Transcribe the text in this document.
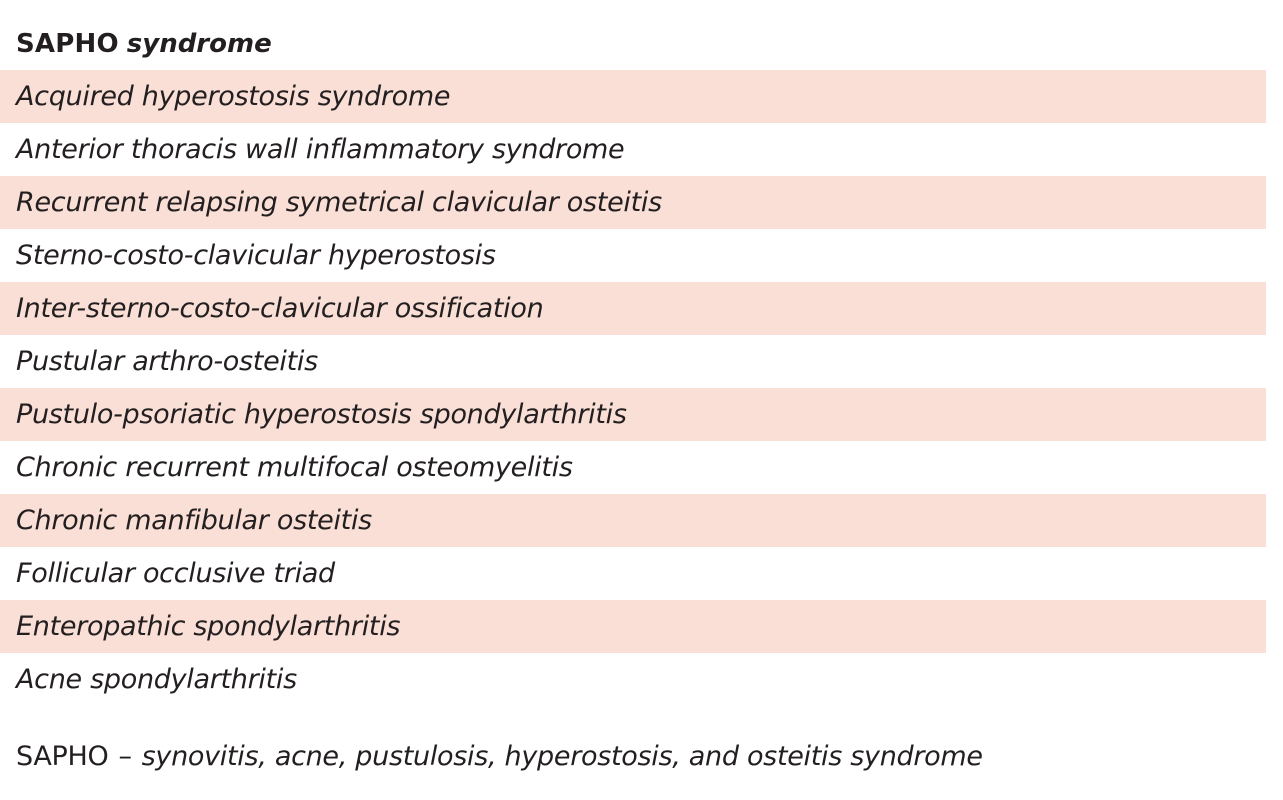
SAPHO syndrome
Acquired hyperostosis syndrome
Anterior thoracis wall inflammatory syndrome
Recurrent relapsing symetrical clavicular osteitis
Sterno-costo-clavicular hyperostosis
Inter-sterno-costo-clavicular ossification
Pustular arthro-osteitis
Pustulo-psoriatic hyperostosis spondylarthritis
Chronic recurrent multifocal osteomyelitis
Chronic manfibular osteitis
Follicular occlusive triad
Enteropathic spondylarthritis
Acne spondylarthritis
SAPHO – synovitis, acne, pustulosis, hyperostosis, and osteitis syndrome
